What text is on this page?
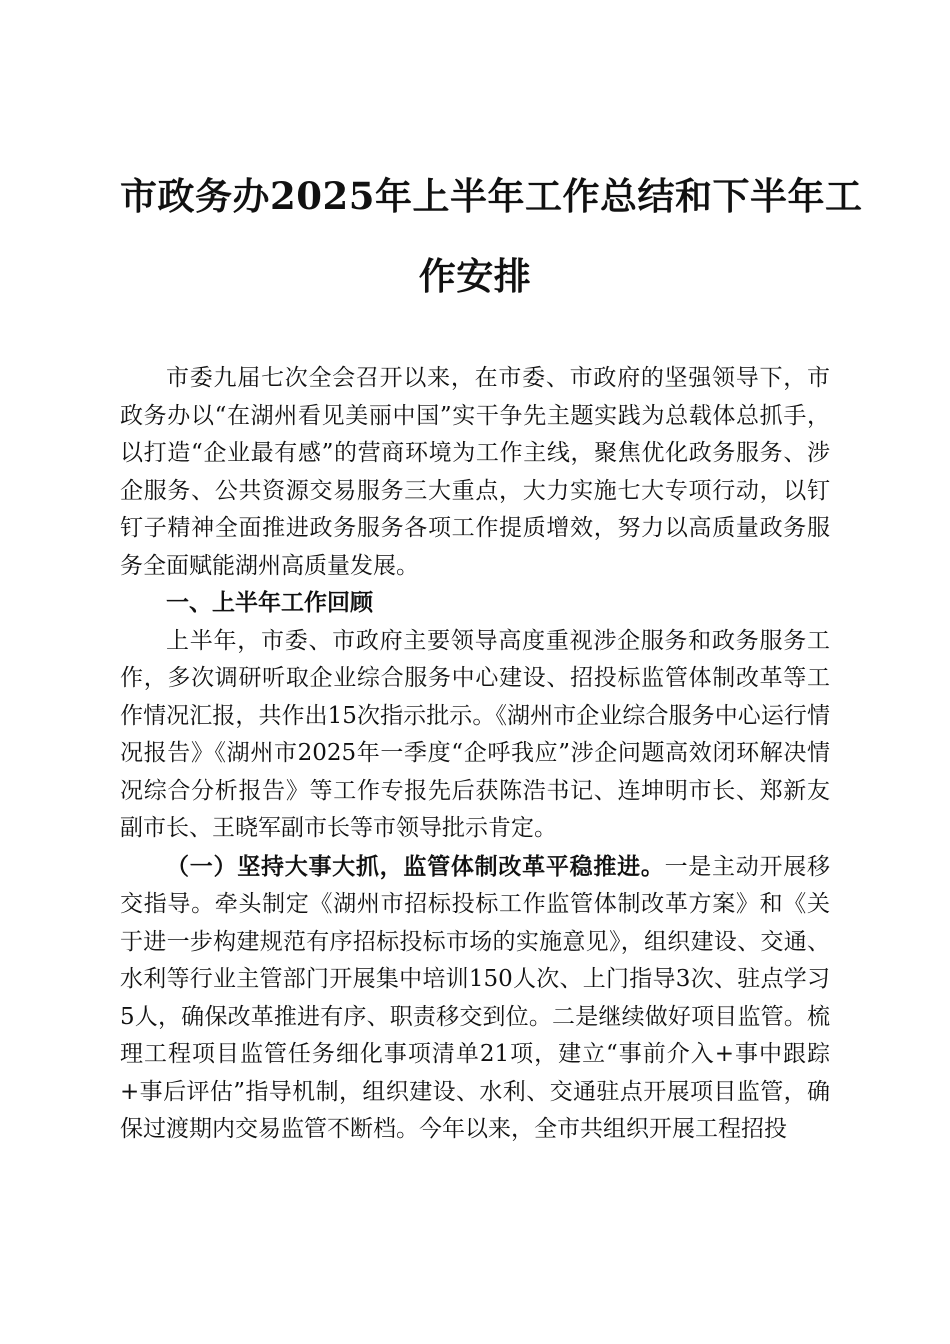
市政务办2025年上半年工作总结和下半年工
作安排

市委九届七次全会召开以来，在市委、市政府的坚强领导下，市政务办以“在湖州看见美丽中国”实干争先主题实践为总载体总抓手，以打造“企业最有感”的营商环境为工作主线，聚焦优化政务服务、涉企服务、公共资源交易服务三大重点，大力实施七大专项行动，以钉钉子精神全面推进政务服务各项工作提质增效，努力以高质量政务服务全面赋能湖州高质量发展。

一、上半年工作回顾

上半年，市委、市政府主要领导高度重视涉企服务和政务服务工作，多次调研听取企业综合服务中心建设、招投标监管体制改革等工作情况汇报，共作出15次指示批示。《湖州市企业综合服务中心运行情况报告》《湖州市2025年一季度“企呼我应”涉企问题高效闭环解决情况综合分析报告》等工作专报先后获陈浩书记、连坤明市长、郑新友副市长、王晓军副市长等市领导批示肯定。

（一）坚持大事大抓，监管体制改革平稳推进。一是主动开展移交指导。牵头制定《湖州市招标投标工作监管体制改革方案》和《关于进一步构建规范有序招标投标市场的实施意见》，组织建设、交通、水利等行业主管部门开展集中培训150人次、上门指导3次、驻点学习5人，确保改革推进有序、职责移交到位。二是继续做好项目监管。梳理工程项目监管任务细化事项清单21项，建立“事前介入+事中跟踪+事后评估”指导机制，组织建设、水利、交通驻点开展项目监管，确保过渡期内交易监管不断档。今年以来，全市共组织开展工程招投
